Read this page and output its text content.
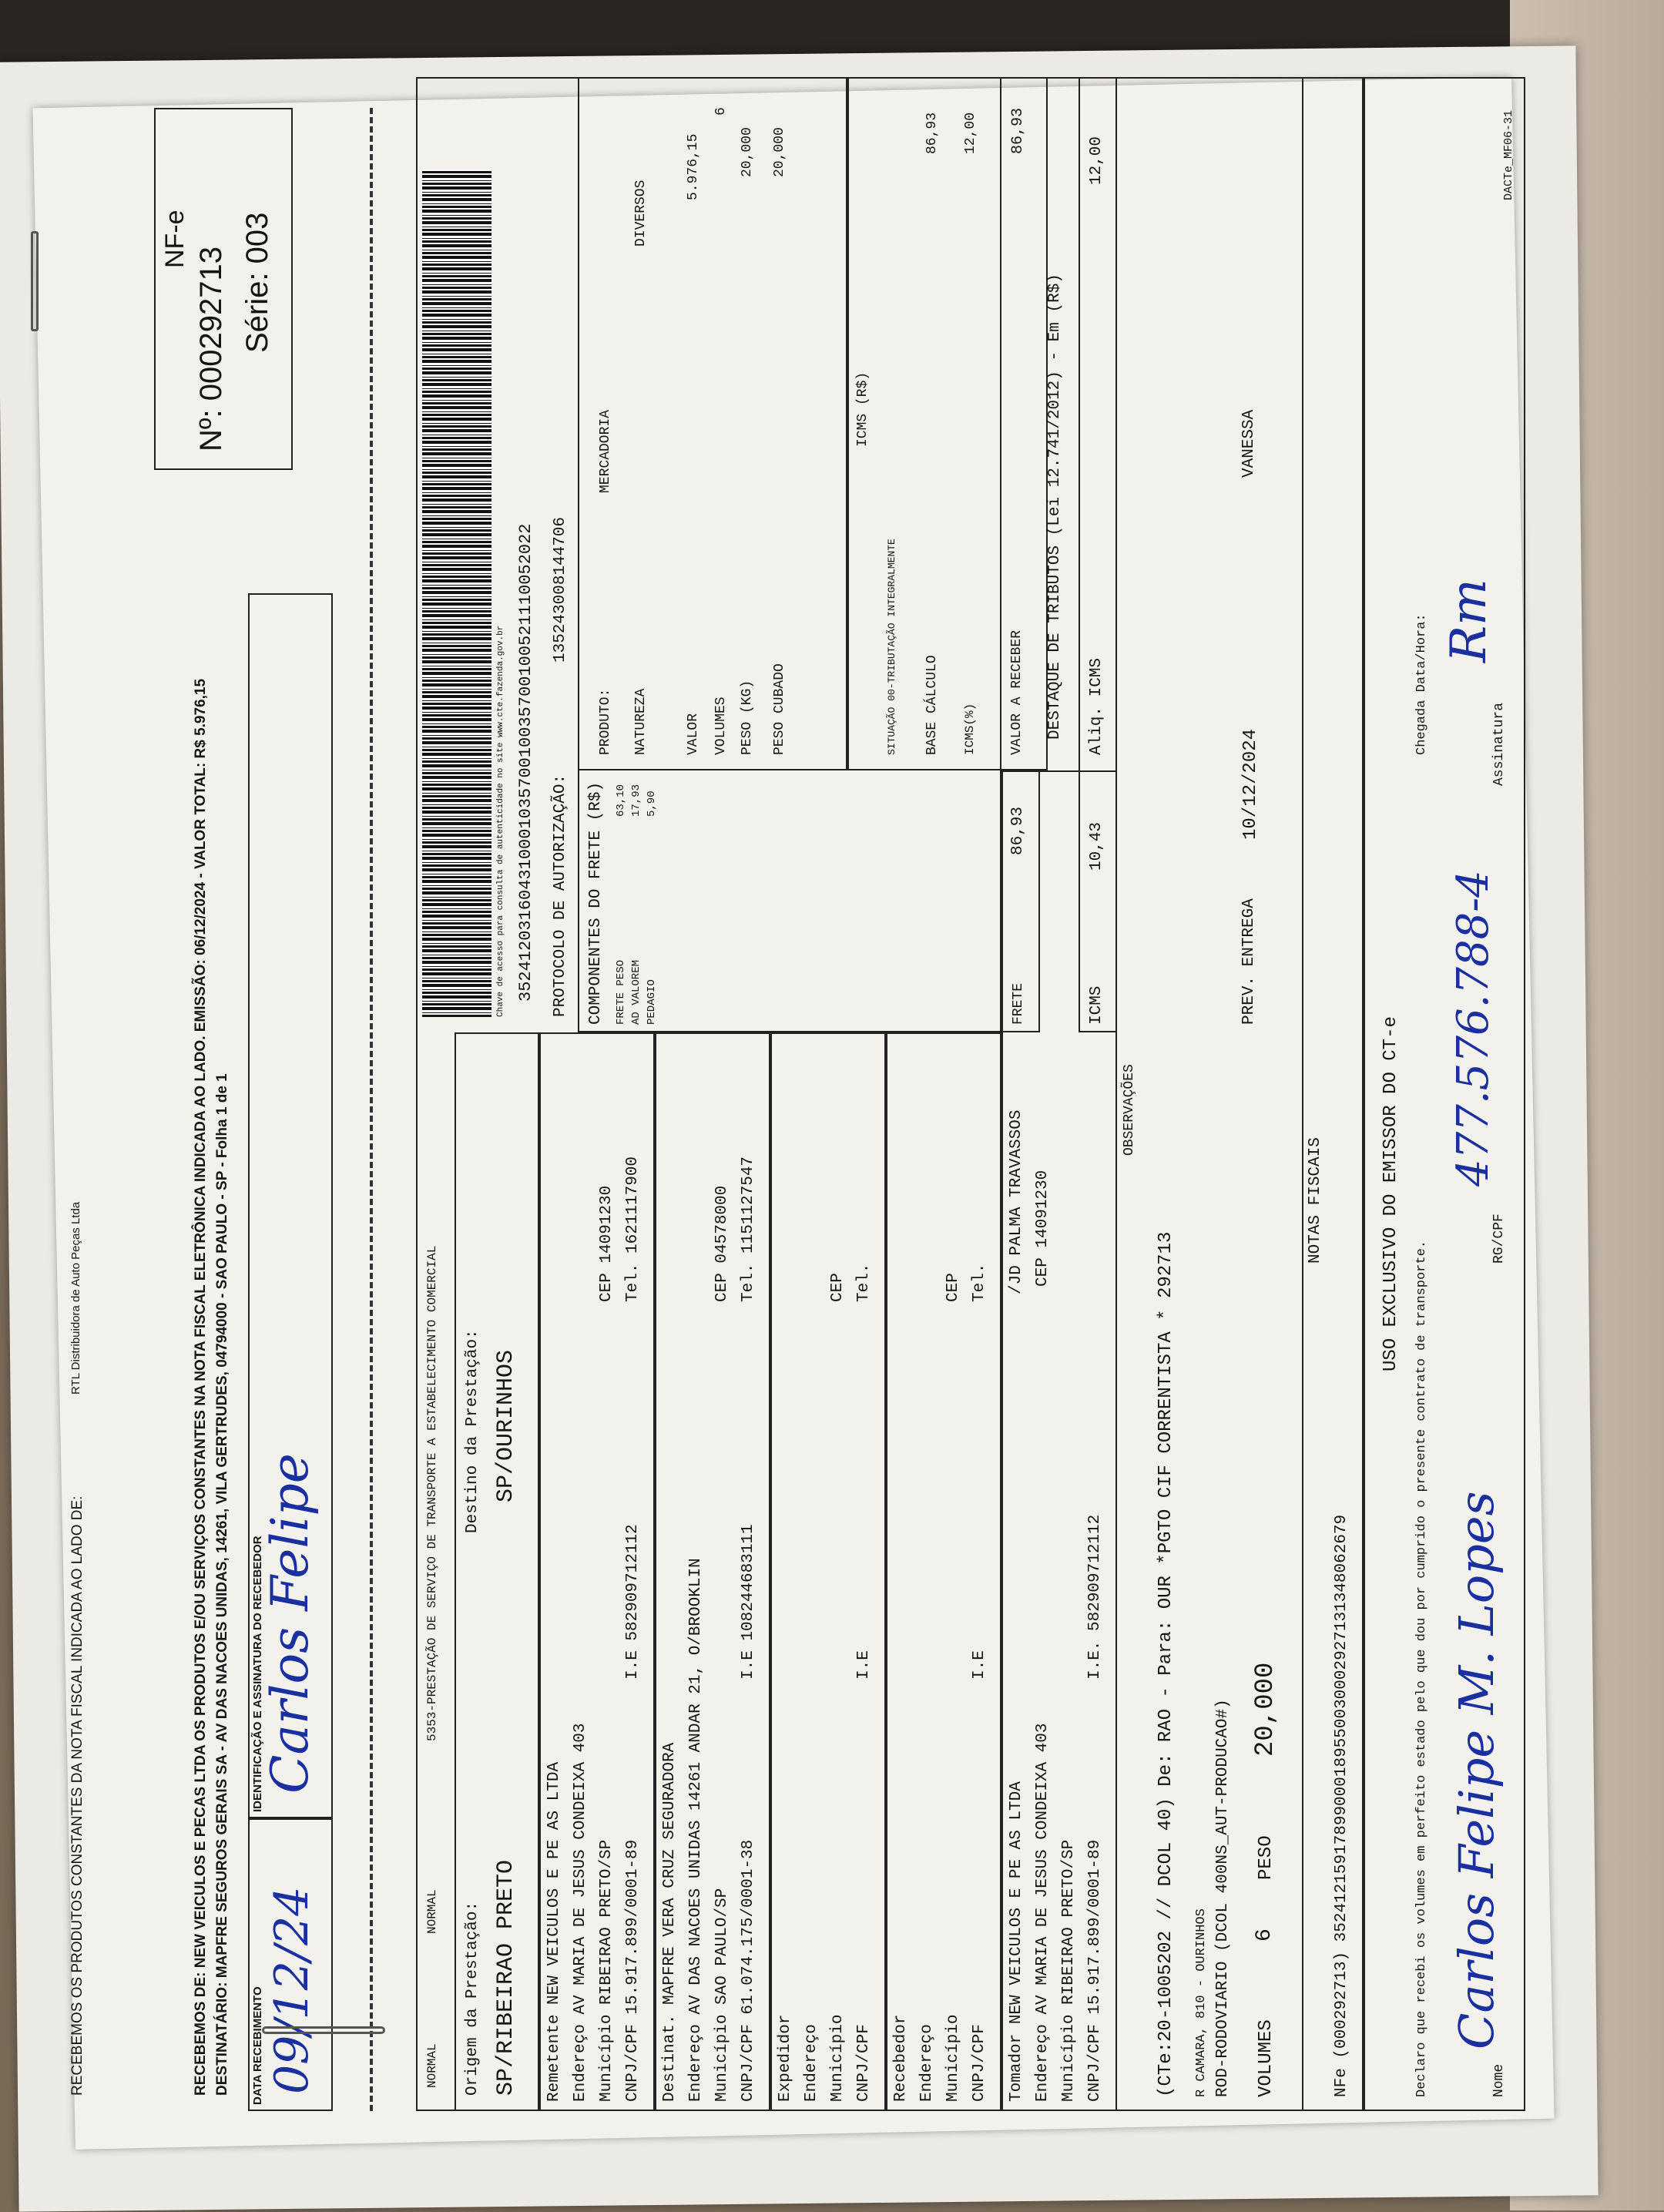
RECEBEMOS OS PRODUTOS CONSTANTES DA NOTA FISCAL INDICADA AO LADO DE:
RTL Distribuidora de Auto Peças Ltda	RECEBEMOS DE: NEW VEICULOS E PECAS LTDA OS PRODUTOS E/OU SERVIÇOS CONSTANTES NA NOTA FISCAL ELETRÔNICA INDICADA AO LADO. EMISSÃO: 06/12/2024 - VALOR TOTAL: R$ 5.976,15 DESTINATÁRIO: MAPFRE SEGUROS GERAIS SA - AV DAS NACOES UNIDAS, 14261, VILA GERTRUDES, 04794000 - SAO PAULO - SP - Folha 1 de 1 DATA RECEBIMENTO 09/12/24
IDENTIFICAÇÃO E ASSINATURA DO RECEBEDOR
Carlos Felipe
NF-e
Nº: 000292713 Série: 003
NORMAL
NORMAL
5353-PRESTAÇÃO DE SERVIÇO DE TRANSPORTE A ESTABELECIMENTO COMERCIAL
Chave de acesso para consulta de autenticidade no site www.cte.fazenda.gov.br 35241203160431000103570010035700100521110052022 PROTOCOLO DE AUTORIZAÇÃO:
135243008144706
Origem da Prestação: SP/RIBEIRAO PRETO
Destino da Prestação: SP/OURINHOS
Remetente NEW VEICULOS E PE AS LTDA Endereço AV MARIA DE JESUS CONDEIXA 403 Município RIBEIRAO PRETO/SP
CEP 14091230
CNPJ/CPF 15.917.899/0001-89
I.E 582909712112
Tel. 1621117900
Destinat. MAPFRE VERA CRUZ SEGURADORA Endereço AV DAS NACOES UNIDAS 14261 ANDAR 21, O/BROOKLIN Município SAO PAULO/SP
CEP 04578000
CNPJ/CPF 61.074.175/0001-38
I.E 108244683111
Tel. 1151127547
Expedidor Endereço Município
CEP
CNPJ/CPF
I.E
Tel.
Recebedor Endereço Município
CEP
CNPJ/CPF
I.E
Tel.
COMPONENTES DO FRETE (R$) FRETE PESO
63,10
AD VALOREM
17,93
PEDAGIO
5,90
PRODUTO:
MERCADORIA
NATUREZA
DIVERSOS
VALOR
5.976,15
VOLUMES
6
PESO (KG)
20,000
PESO CUBADO
20,000
ICMS (R$)
SITUAÇÃO 00-TRIBUTAÇÃO INTEGRALMENTE BASE CÁLCULO
86,93
ICMS(%)
12,00
VALOR A RECEBER
86,93
Tomador NEW VEICULOS E PE AS LTDA
/JD PALMA TRAVASSOS
Endereço AV MARIA DE JESUS CONDEIXA 403 Município RIBEIRAO PRETO/SP
CEP 14091230
CNPJ/CPF 15.917.899/0001-89
I.E. 582909712112
FRETE
86,93
DESTAQUE DE TRIBUTOS (Lei 12.741/2012) - Em (R$)
ICMS
10,43
Aliq. ICMS
12,00
OBSERVAÇÕES
(CTe:20-1005202 // DCOL 40) De: RAO - Para: OUR *PGTO CIF CORRENTISTA * 292713 R CAMARA, 810 - OURINHOS ROD-RODOVIARIO (DCOL 400NS_AUT-PRODUCAO#)
PREV. ENTREGA
10/12/2024
VANESSA
VOLUMES
6
PESO
20,000
NOTAS FISCAIS
NFe (000292713) 35241215917899000189550030002927131348062679
USO EXCLUSIVO DO EMISSOR DO CT-e
Declaro que recebi os volumes em perfeito estado pelo que dou por cumprido o presente contrato de transporte.
Chegada Data/Hora:
Nome
Carlos Felipe M. Lopes
RG/CPF
477.576.788-4
Assinatura
Rm
DACTe_MF06-31
